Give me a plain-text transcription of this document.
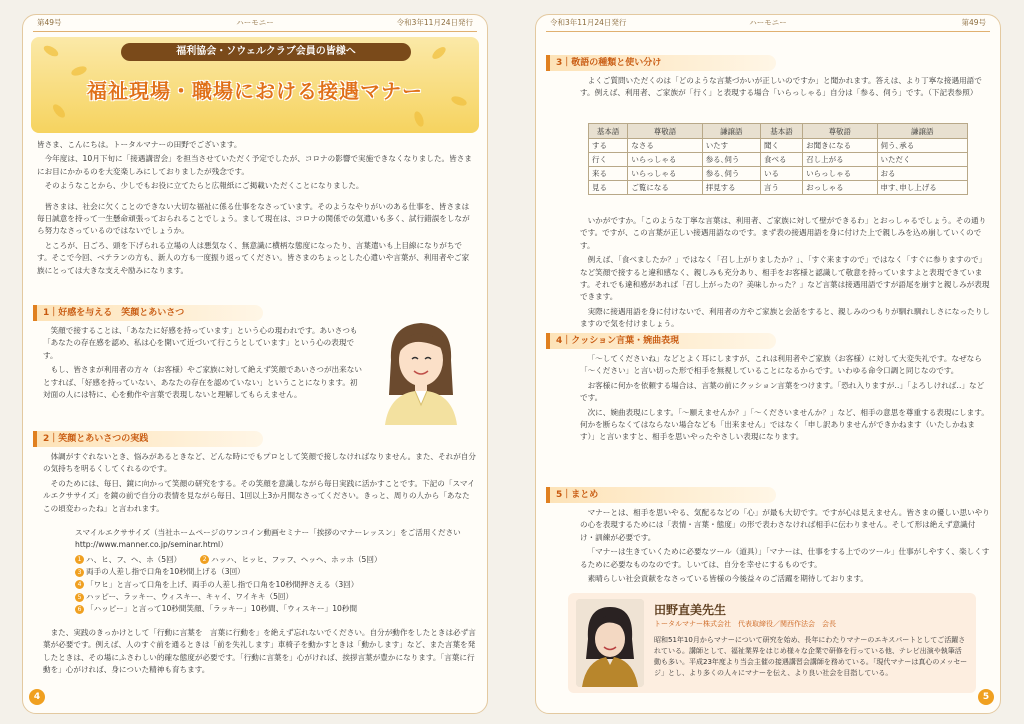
第49号	ハーモニー	令和3年11月24日発行
福利協会・ソウェルクラブ会員の皆様へ
福祉現場・職場における接遇マナー

皆さま、こんにちは。トータルマナーの田野でございます。

今年度は、10月下旬に「接遇講習会」を担当させていただく予定でしたが、コロナの影響で実施できなくなりました。皆さまにお目にかかるのを大変楽しみにしておりましたが残念です。

そのようなことから、少しでもお役に立てたらと広報紙にご掲載いただくことになりました。

皆さまは、社会に欠くことのできない大切な福祉に係る仕事をなさっています。そのようなやりがいのある仕事を、皆さまは毎日誠意を持って一生懸命頑張っておられることでしょう。まして現在は、コロナの関係での気遣いも多く、試行錯誤をしながら努力なさっているのではないでしょうか。

ところが、日ごろ、頭を下げられる立場の人は悪気なく、無意識に横柄な態度になったり、言葉遣いも上目線になりがちです。そこで今回、ベテランの方も、新人の方も一度振り返ってください。皆さまのちょっとした心遣いや言葉が、利用者やご家族にとっては大きな支えや励みになります。

1｜好感を与える　笑顔とあいさつ

笑顔で接することは、「あなたに好感を持っています」という心の現われです。あいさつも「あなたの存在感を認め、私は心を開いて近づいて行こうとしています」という心の表現です。

もし、皆さまが利用者の方々（お客様）やご家族に対して絶えず笑顔であいさつが出来ないとすれば、「好感を持っていない、あなたの存在を認めていない」ということになります。初対面の人には特に、心を動作や言葉で表現しないと理解してもらえません。

2｜笑顔とあいさつの実践

体調がすぐれないとき、悩みがあるときなど、どんな時にでもプロとして笑顔で接しなければなりません。また、それが自分の気持ちを明るくしてくれるのです。

そのためには、毎日、鏡に向かって笑顔の研究をする。その笑顔を意識しながら毎日実践に活かすことです。下記の「スマイルエクササイズ」を鏡の前で自分の表情を見ながら毎日、1回以上3か月間なさってください。きっと、周りの人から「あなたこの頃変わったね」と言われます。

スマイルエクササイズ（当社ホームページのワンコイン動画セミナー「挨拶のマナーレッスン」をご活用ください http://www.manner.co.jp/seminar.html）

1 ハ、ヒ、フ、ヘ、ホ（5回）	2 ハッハ、ヒッヒ、フッフ、ヘッヘ、ホッホ（5回）
3 両手の人差し指で口角を10秒間上げる（3回）
4 「ワヒ」と言って口角を上げ、両手の人差し指で口角を10秒間押さえる（3回）
5 ハッピー、ラッキー、ウィスキー、キャイ、ワイキキ（5回）
6 「ハッピー」と言って10秒間笑顔、「ラッキー」10秒間、「ウィスキー」10秒間

また、実践のきっかけとして「行動に言葉を　言葉に行動を」を絶えず忘れないでください。自分が動作をしたときは必ず言葉が必要です。例えば、人のすぐ前を通るときは「前を失礼します」車椅子を動かすときは「動かします」など、また言葉を発したときは、その場にふさわしい的確な態度が必要です。「行動に言葉を」心がければ、挨拶言葉が豊かになります。「言葉に行動を」心がければ、身についた精神も育ちます。

4
令和3年11月24日発行	ハーモニー	第49号
3｜敬語の種類と使い分け

よくご質問いただくのは「どのような言葉づかいが正しいのですか」と聞かれます。答えは、より丁寧な接遇用語です。例えば、利用者、ご家族が「行く」と表現する場合「いらっしゃる」自分は「参る、伺う」です。（下記表参照）

基本語	尊敬語	謙譲語	基本語	尊敬語	謙譲語
する	なさる	いたす	聞く	お聞きになる	伺う､承る
行く	いらっしゃる	参る､伺う	食べる	召し上がる	いただく
来る	いらっしゃる	参る､伺う	いる	いらっしゃる	おる
見る	ご覧になる	拝見する	言う	おっしゃる	申す､申し上げる

いかがですか。「このような丁寧な言葉は、利用者、ご家族に対して壁ができるわ」とおっしゃるでしょう。その通りです。ですが、この言葉が正しい接遇用語なのです。まず表の接遇用語を身に付けた上で親しみを込め崩していくのです。

例えば、「食べましたか？」ではなく「召し上がりましたか？」、「すぐ来ますので」ではなく「すぐに参りますので」など笑顔で接すると違和感なく、親しみも充分あり、相手をお客様と認識して敬意を持っていますよと表現できています。それでも違和感があれば「召し上がったの？美味しかった？」など言葉は接遇用語ですが語尾を崩すと親しみが表現できます。

実際に接遇用語を身に付けないで、利用者の方やご家族と会話をすると、親しみのつもりが馴れ馴れしさになったりしますので気を付けましょう。

4｜クッション言葉・婉曲表現

「〜してくださいね」などとよく耳にしますが、これは利用者やご家族（お客様）に対して大変失礼です。なぜなら「〜ください」と言い切った形で相手を無視していることになるからです。いわゆる命令口調と同じなのです。

お客様に何かを依頼する場合は、言葉の前にクッション言葉をつけます。「恐れ入りますが‥」「よろしければ‥」などです。

次に、婉曲表現にします。「〜願えませんか？」「〜くださいませんか？」など、相手の意思を尊重する表現にします。何かを断らなくてはならない場合なども「出来ません」ではなく「申し訳ありませんができかねます（いたしかねます）」と言いますと、相手を思いやったやさしい表現になります。

5｜まとめ

マナーとは、相手を思いやる、気配るなどの「心」が最も大切です。ですが心は見えません。皆さまの優しい思いやりの心を表現するためには「表情・言葉・態度」の形で表わさなければ相手に伝わりません。そして形は絶えず意識付け・訓練が必要です。

「マナーは生きていくために必要なツール（道具）」「マナーは、仕事をする上でのツール」仕事がしやすく、楽しくするために必要なものなのです。しいては、自分を幸せにするものです。

素晴らしい社会貢献をなさっている皆様の今後益々のご活躍を期待しております。

田野直美先生
トータルマナー株式会社　代表取締役／関西作法会　会長
昭和51年10月からマナーについて研究を始め、長年にわたりマナーのエキスパートとしてご活躍されている。講師として、福祉業界をはじめ様々な企業で研修を行っている他、テレビ出演や執筆活動も多い。平成23年度より当会主催の接遇講習会講師を務めている。「現代マナーは真心のメッセージ」とし、より多くの人々にマナーを伝え、より良い社会を目指している。
5
